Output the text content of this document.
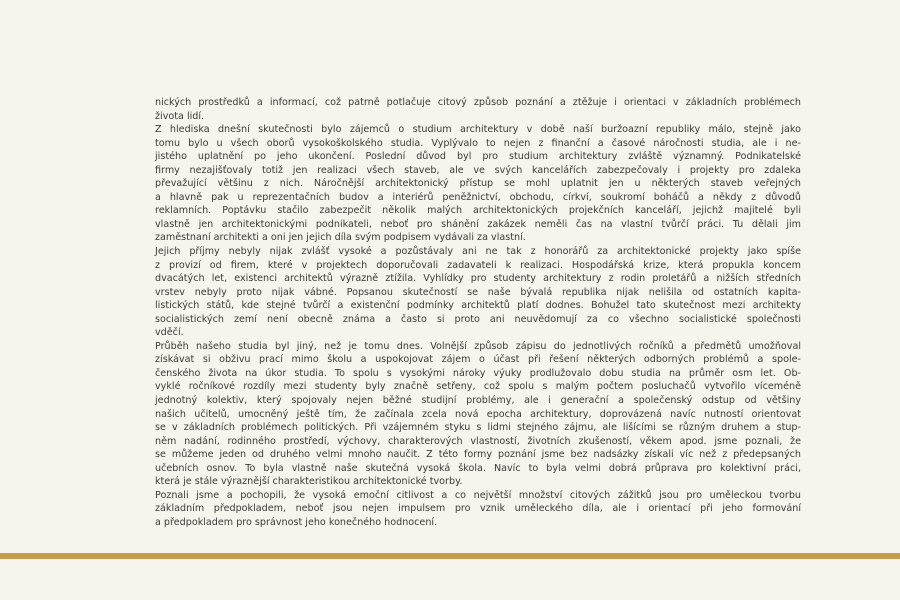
nických prostředků a informací, což patrně potlačuje citový způsob poznání a ztěžuje i orientaci v základních problémech
života lidí.
Z hlediska dnešní skutečnosti bylo zájemců o studium architektury v době naší buržoazní republiky málo, stejně jako
tomu bylo u všech oborů vysokoškolského studia. Vyplývalo to nejen z finanční a časové náročnosti studia, ale i ne-
jistého uplatnění po jeho ukončení. Poslední důvod byl pro studium architektury zvláště významný. Podnikatelské
firmy nezajišťovaly totiž jen realizaci všech staveb, ale ve svých kancelářích zabezpečovaly i projekty pro zdaleka
převažující většinu z nich. Náročnější architektonický přístup se mohl uplatnit jen u některých staveb veřejných
a hlavně pak u reprezentačních budov a interiérů peněžnictví, obchodu, církví, soukromí boháčů a někdy z důvodů
reklamních. Poptávku stačilo zabezpečit několik malých architektonických projekčních kanceláří, jejichž majitelé byli
vlastně jen architektonickými podnikateli, neboť pro shánění zakázek neměli čas na vlastní tvůrčí práci. Tu dělali jim
zaměstnaní architekti a oni jen jejich díla svým podpisem vydávali za vlastní.
Jejich příjmy nebyly nijak zvlášť vysoké a pozůstávaly ani ne tak z honorářů za architektonické projekty jako spíše
z provizí od firem, které v projektech doporučovali zadavateli k realizaci. Hospodářská krize, která propukla koncem
dvacátých let, existenci architektů výrazně ztížila. Vyhlídky pro studenty architektury z rodin proletářů a nižších středních
vrstev nebyly proto nijak vábné. Popsanou skutečností se naše bývalá republika nijak nelišila od ostatních kapita-
listických států, kde stejné tvůrčí a existenční podmínky architektů platí dodnes. Bohužel tato skutečnost mezi architekty
socialistických zemí není obecně známa a často si proto ani neuvědomují za co všechno socialistické společnosti
vděčí.
Průběh našeho studia byl jiný, než je tomu dnes. Volnější způsob zápisu do jednotlivých ročníků a předmětů umožňoval
získávat si obživu prací mimo školu a uspokojovat zájem o účast při řešení některých odborných problémů a spole-
čenského života na úkor studia. To spolu s vysokými nároky výuky prodlužovalo dobu studia na průměr osm let. Ob-
vyklé ročníkové rozdíly mezi studenty byly značně setřeny, což spolu s malým počtem posluchačů vytvořilo víceméně
jednotný kolektiv, který spojovaly nejen běžné studijní problémy, ale i generační a společenský odstup od většiny
našich učitelů, umocněný ještě tím, že začínala zcela nová epocha architektury, doprovázená navíc nutností orientovat
se v základních problémech politických. Při vzájemném styku s lidmi stejného zájmu, ale lišícími se různým druhem a stup-
něm nadání, rodinného prostředí, výchovy, charakterových vlastností, životních zkušeností, věkem apod. jsme poznali, že
se můžeme jeden od druhého velmi mnoho naučit. Z této formy poznání jsme bez nadsázky získali víc než z předepsaných
učebních osnov. To byla vlastně naše skutečná vysoká škola. Navíc to byla velmi dobrá průprava pro kolektivní práci,
která je stále výraznější charakteristikou architektonické tvorby.
Poznali jsme a pochopili, že vysoká emoční citlivost a co největší množství citových zážitků jsou pro uměleckou tvorbu
základním předpokladem, neboť jsou nejen impulsem pro vznik uměleckého díla, ale i orientací při jeho formování
a předpokladem pro správnost jeho konečného hodnocení.
